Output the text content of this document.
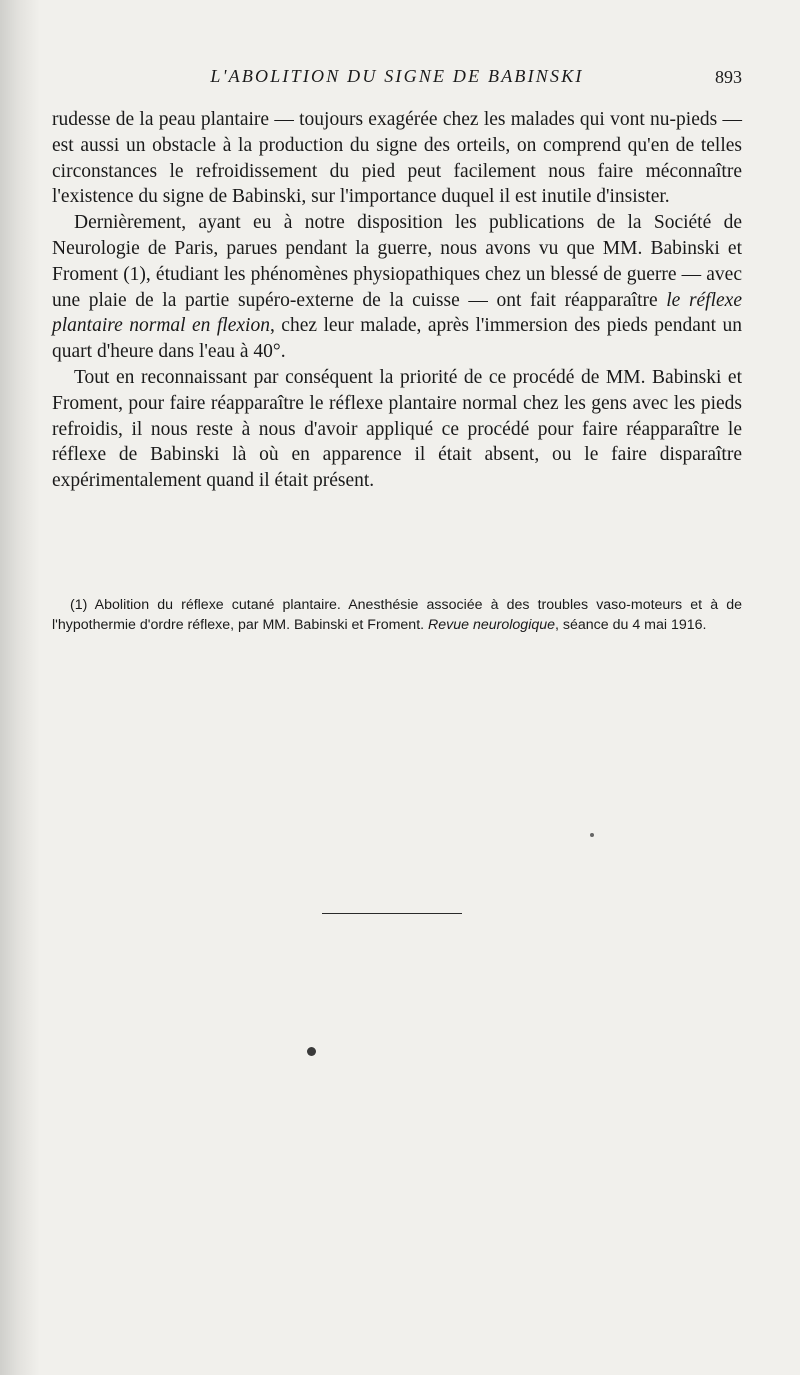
L'ABOLITION DU SIGNE DE BABINSKI	893

rudesse de la peau plantaire — toujours exagérée chez les malades qui vont nu-pieds — est aussi un obstacle à la production du signe des orteils, on comprend qu'en de telles circonstances le refroidissement du pied peut facilement nous faire méconnaître l'existence du signe de Babinski, sur l'importance duquel il est inutile d'insister.

Dernièrement, ayant eu à notre disposition les publications de la Société de Neurologie de Paris, parues pendant la guerre, nous avons vu que MM. Babinski et Froment (1), étudiant les phénomènes physiopathiques chez un blessé de guerre — avec une plaie de la partie supéro-externe de la cuisse — ont fait réapparaître le réflexe plantaire normal en flexion, chez leur malade, après l'immersion des pieds pendant un quart d'heure dans l'eau à 40°.

Tout en reconnaissant par conséquent la priorité de ce procédé de MM. Babinski et Froment, pour faire réapparaître le réflexe plantaire normal chez les gens avec les pieds refroidis, il nous reste à nous d'avoir appliqué ce procédé pour faire réapparaître le réflexe de Babinski là où en apparence il était absent, ou le faire disparaître expérimentalement quand il était présent.

(1) Abolition du réflexe cutané plantaire. Anesthésie associée à des troubles vaso-moteurs et à de l'hypothermie d'ordre réflexe, par MM. Babinski et Froment. Revue neurologique, séance du 4 mai 1916.
